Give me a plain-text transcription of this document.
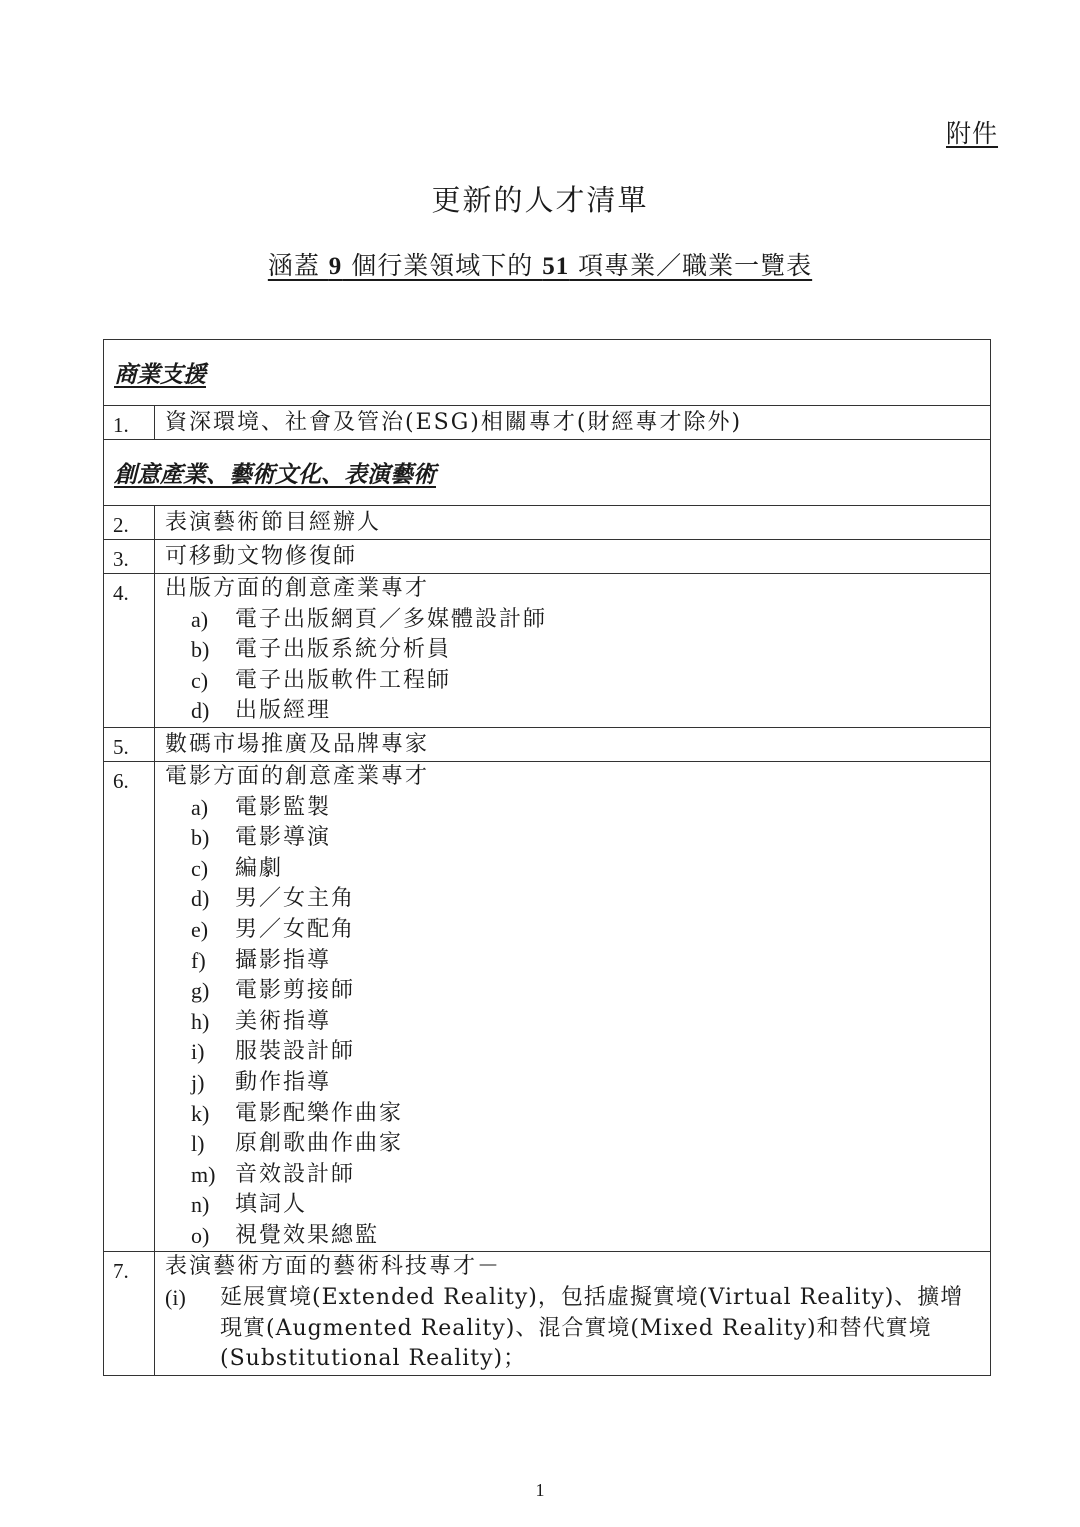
附件
更新的人才清單
涵蓋 9 個行業領域下的 51 項專業／職業一覽表
商業支援
1.	資深環境、社會及管治(ESG)相關專才(財經專才除外)
創意產業、藝術文化、表演藝術
2.	表演藝術節目經辦人
3.	可移動文物修復師
4.	出版方面的創意產業專才
a)	電子出版網頁／多媒體設計師
b)	電子出版系統分析員
c)	電子出版軟件工程師
d)	出版經理
5.	數碼市場推廣及品牌專家
6.	電影方面的創意產業專才
a)	電影監製
b)	電影導演
c)	編劇
d)	男／女主角
e)	男／女配角
f)	攝影指導
g)	電影剪接師
h)	美術指導
i)	服裝設計師
j)	動作指導
k)	電影配樂作曲家
l)	原創歌曲作曲家
m) 音效設計師
n)	填詞人
o)	視覺效果總監
7.	表演藝術方面的藝術科技專才－
(i)	延展實境(Extended Reality)，包括虛擬實境(Virtual Reality)、擴增現實(Augmented Reality)、混合實境(Mixed Reality)和替代實境(Substitutional Reality)；
1
